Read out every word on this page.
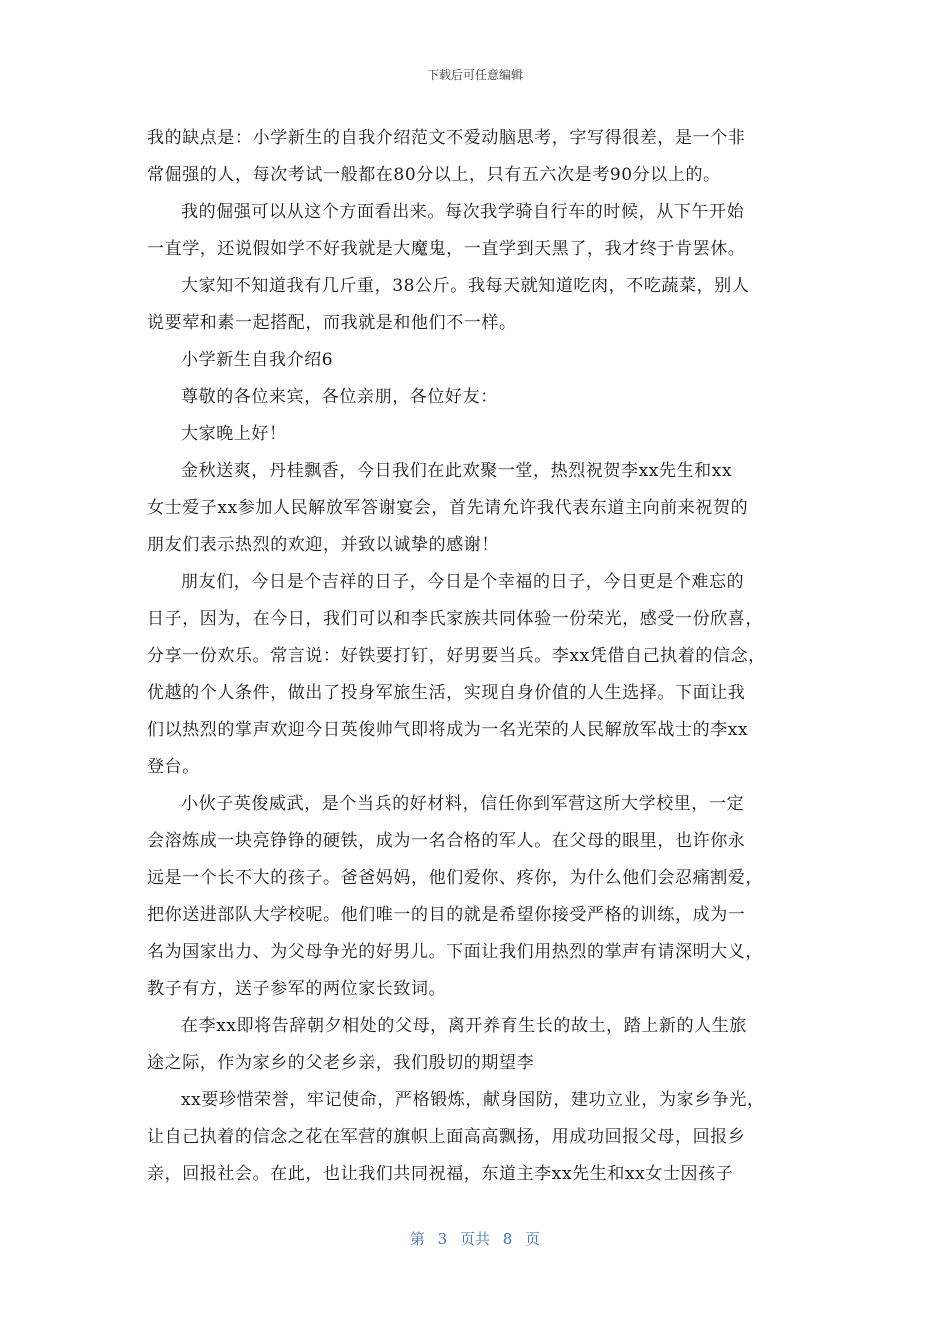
下载后可任意编辑
我的缺点是：小学新生的自我介绍范文不爱动脑思考，字写得很差，是一个非
常倔强的人，每次考试一般都在80分以上，只有五六次是考90分以上的。
我的倔强可以从这个方面看出来。每次我学骑自行车的时候，从下午开始
一直学，还说假如学不好我就是大魔鬼，一直学到天黑了，我才终于肯罢休。
大家知不知道我有几斤重，38公斤。我每天就知道吃肉，不吃蔬菜，别人
说要荤和素一起搭配，而我就是和他们不一样。
小学新生自我介绍6
尊敬的各位来宾，各位亲朋，各位好友：
大家晚上好！
金秋送爽，丹桂飘香，今日我们在此欢聚一堂，热烈祝贺李xx先生和xx
女士爱子xx参加人民解放军答谢宴会，首先请允许我代表东道主向前来祝贺的
朋友们表示热烈的欢迎，并致以诚挚的感谢！
朋友们，今日是个吉祥的日子，今日是个幸福的日子，今日更是个难忘的
日子，因为，在今日，我们可以和李氏家族共同体验一份荣光，感受一份欣喜，
分享一份欢乐。常言说：好铁要打钉，好男要当兵。李xx凭借自己执着的信念，
优越的个人条件，做出了投身军旅生活，实现自身价值的人生选择。下面让我
们以热烈的掌声欢迎今日英俊帅气即将成为一名光荣的人民解放军战士的李xx
登台。
小伙子英俊威武，是个当兵的好材料，信任你到军营这所大学校里，一定
会溶炼成一块亮铮铮的硬铁，成为一名合格的军人。在父母的眼里，也许你永
远是一个长不大的孩子。爸爸妈妈，他们爱你、疼你，为什么他们会忍痛割爱，
把你送进部队大学校呢。他们唯一的目的就是希望你接受严格的训练，成为一
名为国家出力、为父母争光的好男儿。下面让我们用热烈的掌声有请深明大义，
教子有方，送子参军的两位家长致词。
在李xx即将告辞朝夕相处的父母，离开养育生长的故土，踏上新的人生旅
途之际，作为家乡的父老乡亲，我们殷切的期望李
xx要珍惜荣誉，牢记使命，严格锻炼，献身国防，建功立业，为家乡争光，
让自己执着的信念之花在军营的旗帜上面高高飘扬，用成功回报父母，回报乡
亲，回报社会。在此，也让我们共同祝福，东道主李xx先生和xx女士因孩子
第 3 页共 8 页
